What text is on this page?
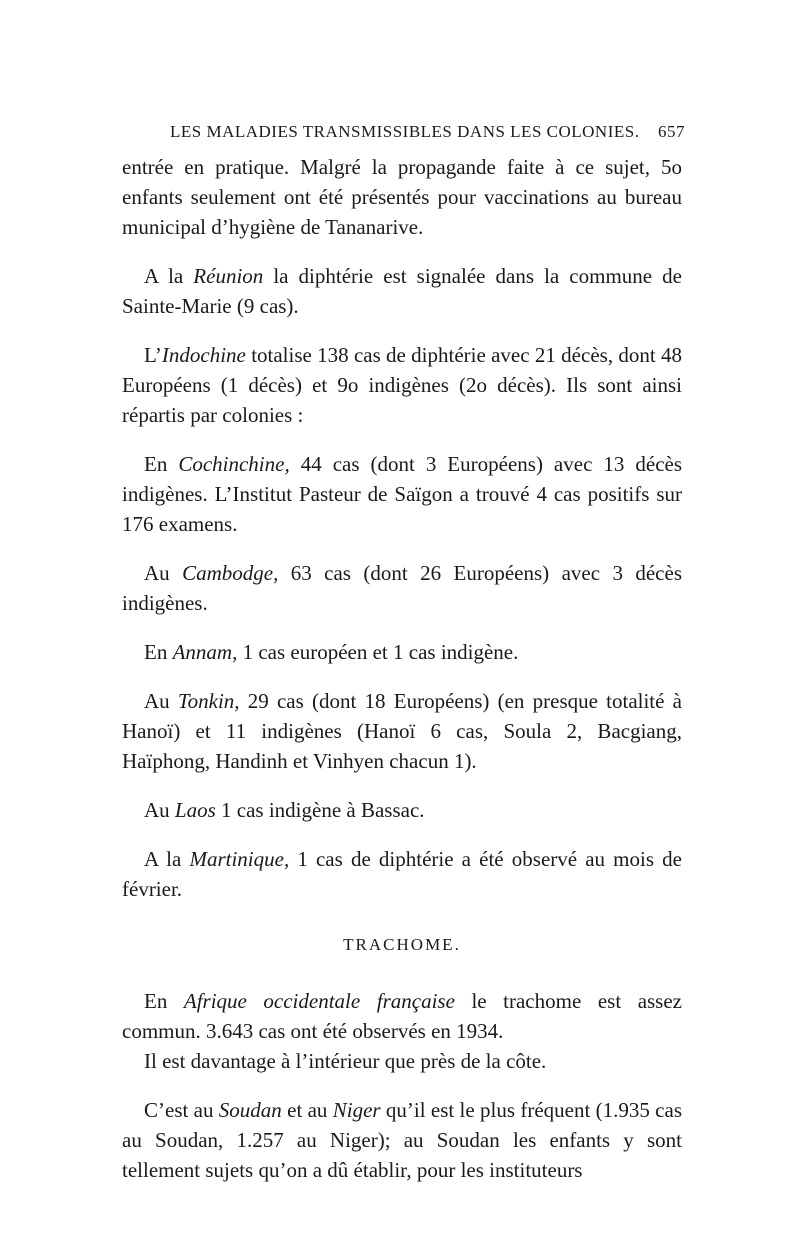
LES MALADIES TRANSMISSIBLES DANS LES COLONIES. 657

entrée en pratique. Malgré la propagande faite à ce sujet, 5o enfants seulement ont été présentés pour vaccinations au bureau municipal d’hygiène de Tananarive.

A la Réunion la diphtérie est signalée dans la commune de Sainte-Marie (9 cas).

L’Indochine totalise 138 cas de diphtérie avec 21 décès, dont 48 Européens (1 décès) et 9o indigènes (2o décès). Ils sont ainsi répartis par colonies :

En Cochinchine, 44 cas (dont 3 Européens) avec 13 décès indigènes. L’Institut Pasteur de Saïgon a trouvé 4 cas positifs sur 176 examens.

Au Cambodge, 63 cas (dont 26 Européens) avec 3 décès indigènes.

En Annam, 1 cas européen et 1 cas indigène.

Au Tonkin, 29 cas (dont 18 Européens) (en presque totalité à Hanoï) et 11 indigènes (Hanoï 6 cas, Soula 2, Bacgiang, Haïphong, Handinh et Vinhyen chacun 1).

Au Laos 1 cas indigène à Bassac.

A la Martinique, 1 cas de diphtérie a été observé au mois de février.

TRACHOME.

En Afrique occidentale française le trachome est assez commun. 3.643 cas ont été observés en 1934.

Il est davantage à l’intérieur que près de la côte.

C’est au Soudan et au Niger qu’il est le plus fréquent (1.935 cas au Soudan, 1.257 au Niger); au Soudan les enfants y sont tellement sujets qu’on a dû établir, pour les instituteurs
